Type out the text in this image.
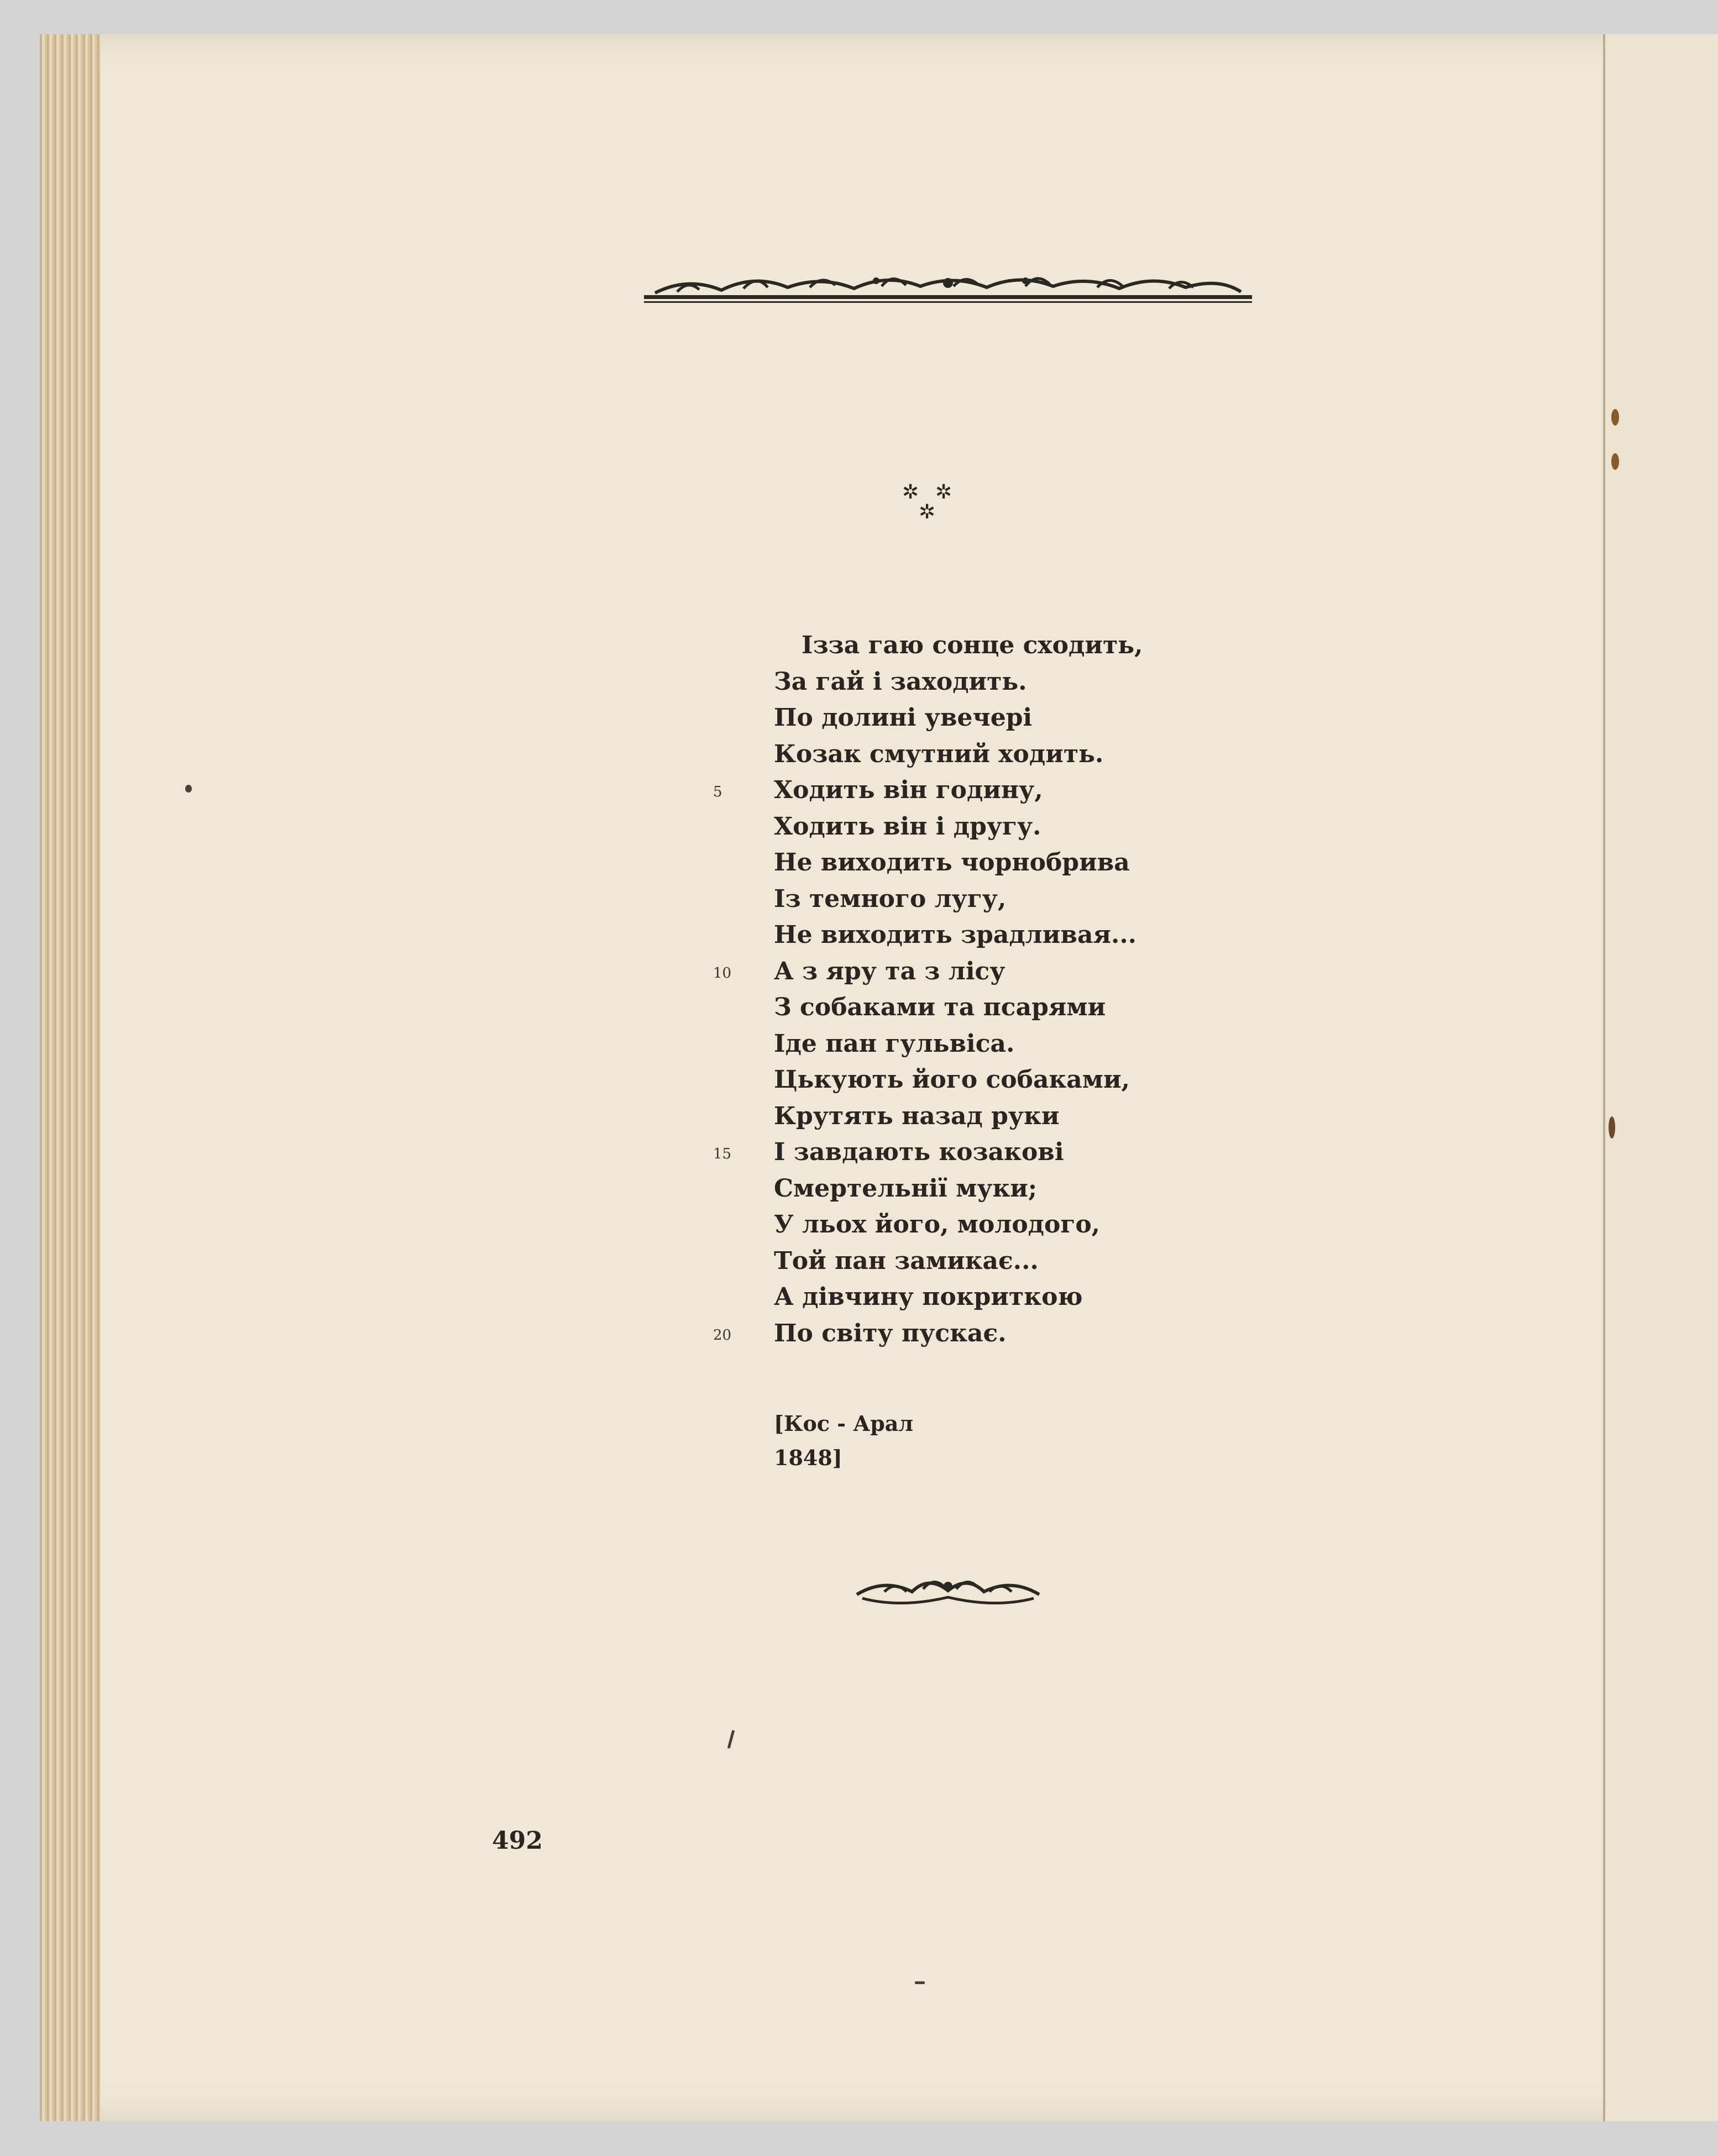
✲ ✲
✲
Ізза гаю сонце сходить,
За гай і заходить.
По долині увечері
Козак смутний ходить.
5	Ходить він годину,
Ходить він і другу.
Не виходить чорнобрива
Із темного лугу,
Не виходить зрадливая...
10	А з яру та з лісу
З собаками та псарями
Іде пан гульвіса.
Цькують його собаками,
Крутять назад руки
15	І завдають козакові
Смертельнії муки;
У льох його, молодого,
Той пан замикає...
А дівчину покриткою
20	По світу пускає.
[Кос - Арал
1848]
492
